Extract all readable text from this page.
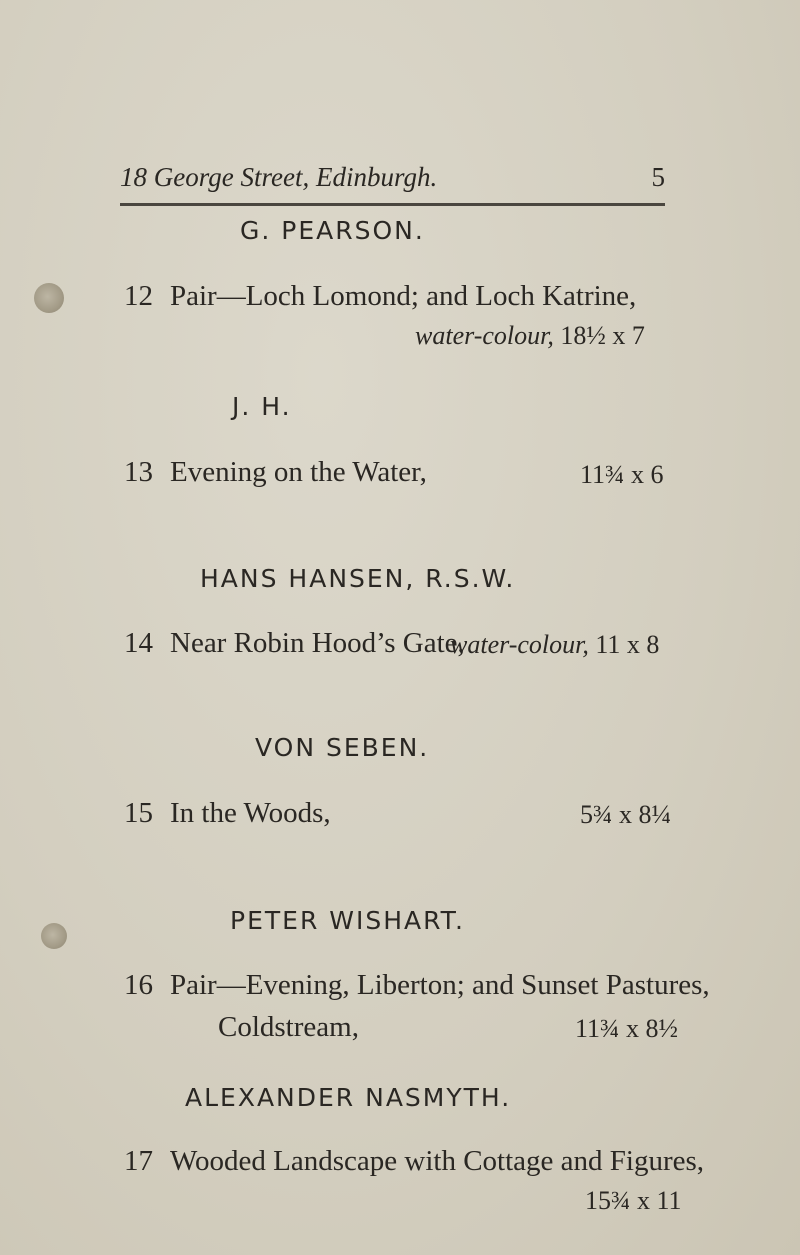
18 George Street, Edinburgh.	5
G. PEARSON.
12 Pair—Loch Lomond; and Loch Katrine,
water-colour, 18½ x 7
J. H.
13 Evening on the Water,	11¾ x 6
HANS HANSEN, R.S.W.
14 Near Robin Hood’s Gate,
water-colour, 11 x 8
VON SEBEN.
15 In the Woods,	5¾ x 8¼
PETER WISHART.
16 Pair—Evening, Liberton; and Sunset Pastures,
Coldstream,	11¾ x 8½
ALEXANDER NASMYTH.
17 Wooded Landscape with Cottage and Figures,
15¾ x 11
